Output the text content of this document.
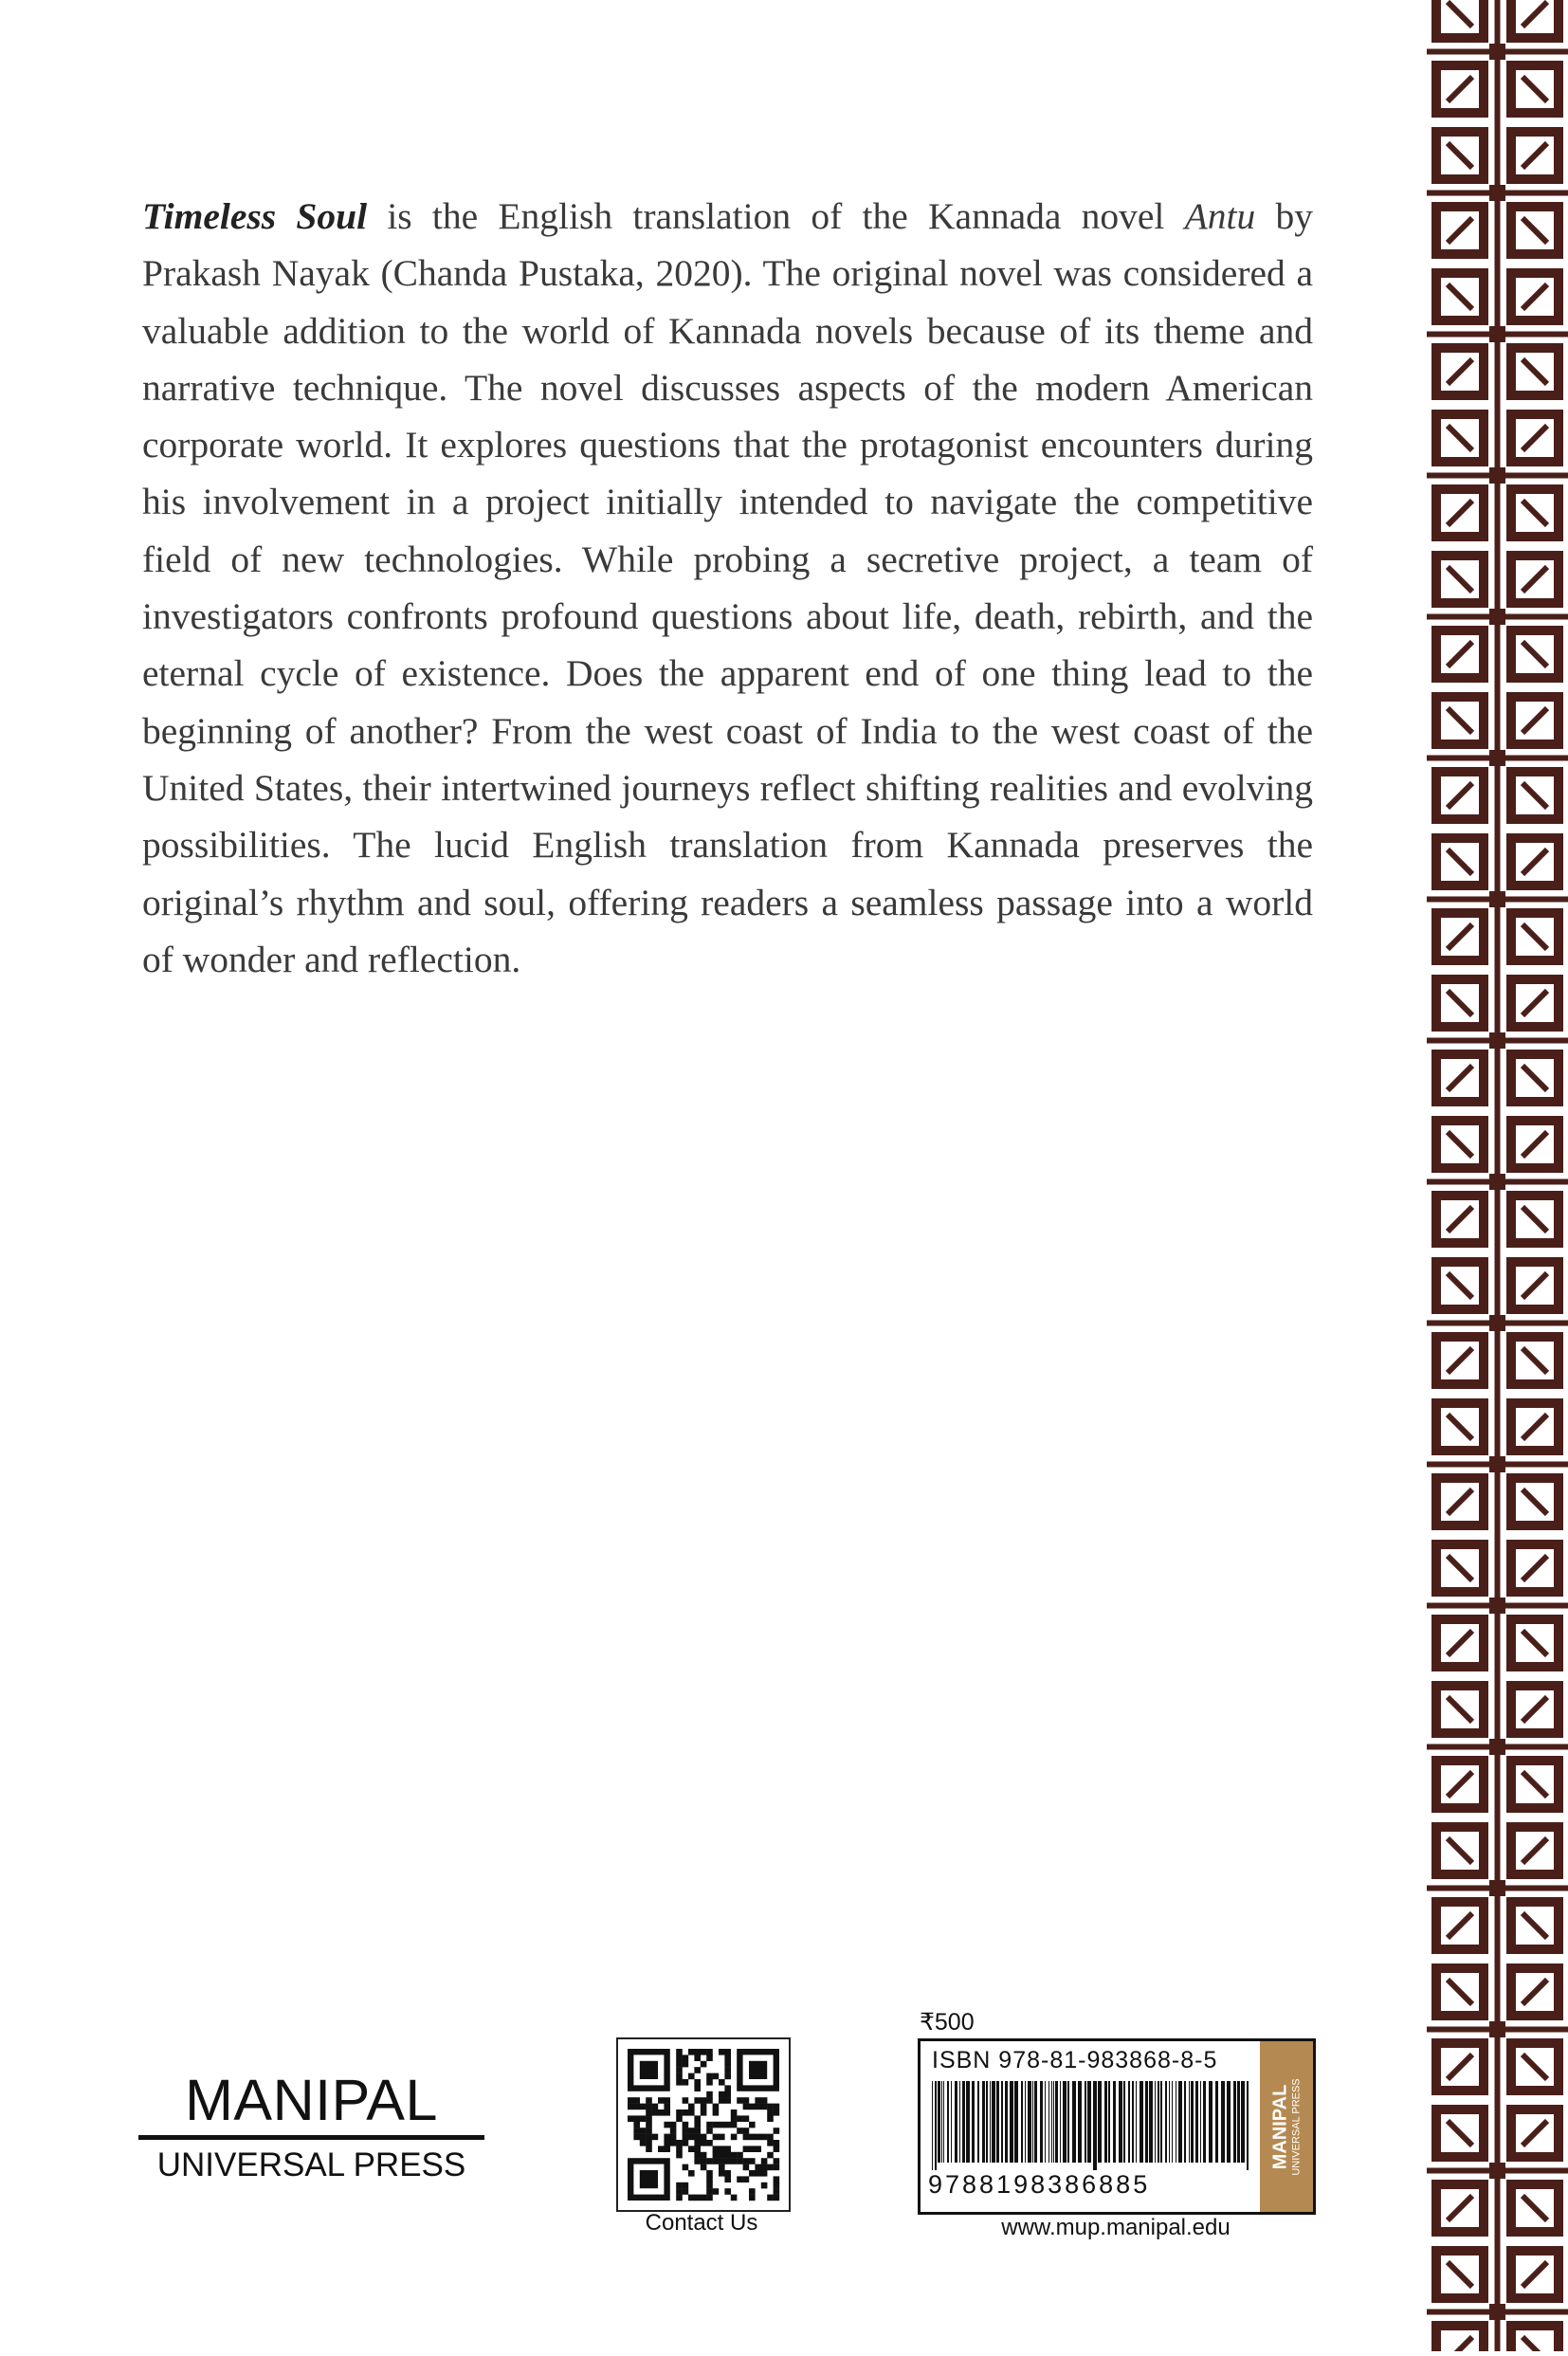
Timeless Soul is the English translation of the Kannada novel Antu by Prakash Nayak (Chanda Pustaka, 2020). The original novel was considered a valuable addition to the world of Kannada novels because of its theme and narrative technique. The novel discusses aspects of the modern American corporate world. It explores questions that the protagonist encounters during his involvement in a project initially intended to navigate the competitive field of new technologies. While probing a secretive project, a team of investigators confronts profound questions about life, death, rebirth, and the eternal cycle of existence. Does the apparent end of one thing lead to the beginning of another? From the west coast of India to the west coast of the United States, their intertwined journeys reflect shifting realities and evolving possibilities. The lucid English translation from Kannada preserves the original’s rhythm and soul, offering readers a seamless passage into a world of wonder and reflection.

MANIPAL
UNIVERSAL PRESS
Contact Us
₹500
ISBN 978-81-983868-8-5
9788198386885
MANIPAL UNIVERSAL PRESS
www.mup.manipal.edu
